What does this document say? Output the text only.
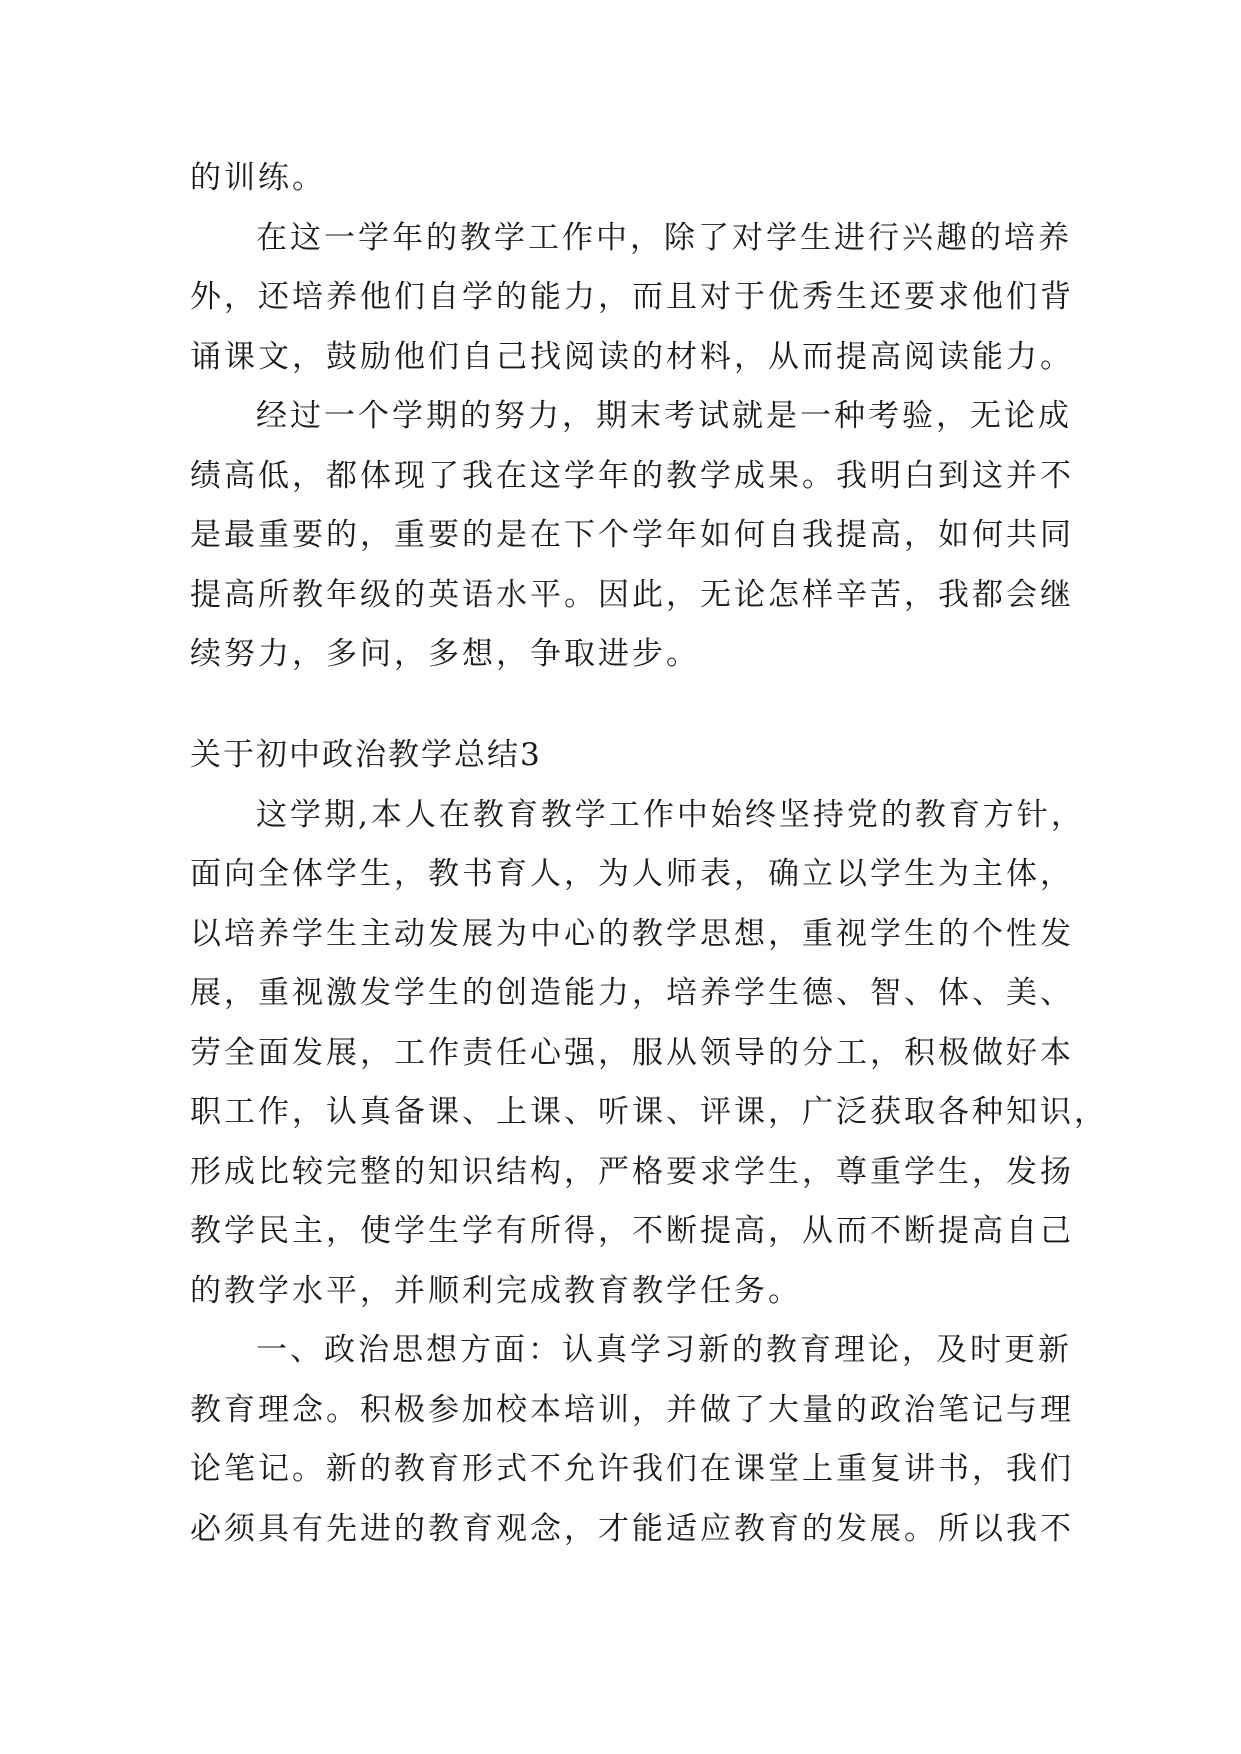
的训练。
在这一学年的教学工作中，除了对学生进行兴趣的培养
外，还培养他们自学的能力，而且对于优秀生还要求他们背
诵课文，鼓励他们自己找阅读的材料，从而提高阅读能力。
经过一个学期的努力，期末考试就是一种考验，无论成
绩高低，都体现了我在这学年的教学成果。我明白到这并不
是最重要的，重要的是在下个学年如何自我提高，如何共同
提高所教年级的英语水平。因此，无论怎样辛苦，我都会继
续努力，多问，多想，争取进步。
关于初中政治教学总结3
这学期,本人在教育教学工作中始终坚持党的教育方针，
面向全体学生，教书育人，为人师表，确立以学生为主体，
以培养学生主动发展为中心的教学思想，重视学生的个性发
展，重视激发学生的创造能力，培养学生德、智、体、美、
劳全面发展，工作责任心强，服从领导的分工，积极做好本
职工作，认真备课、上课、听课、评课，广泛获取各种知识，
形成比较完整的知识结构，严格要求学生，尊重学生，发扬
教学民主，使学生学有所得，不断提高，从而不断提高自己
的教学水平，并顺利完成教育教学任务。
一、政治思想方面：认真学习新的教育理论，及时更新
教育理念。积极参加校本培训，并做了大量的政治笔记与理
论笔记。新的教育形式不允许我们在课堂上重复讲书，我们
必须具有先进的教育观念，才能适应教育的发展。所以我不
